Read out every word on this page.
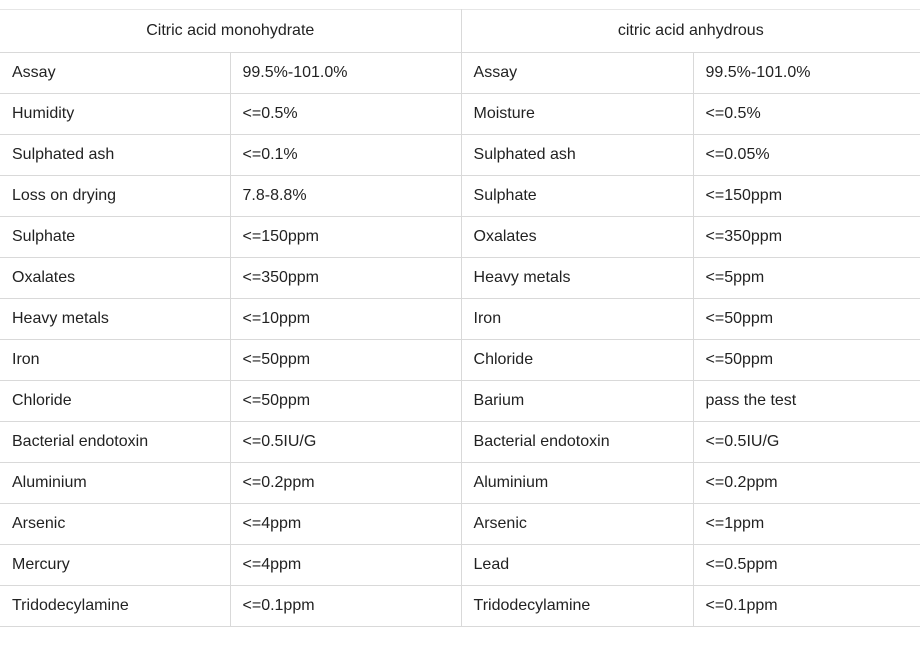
Citric acid monohydrate		citric acid anhydrous	
Assay	99.5%-101.0%	Assay	99.5%-101.0%
Humidity	<=0.5%	Moisture	<=0.5%
Sulphated ash	<=0.1%	Sulphated ash	<=0.05%
Loss on drying	7.8-8.8%	Sulphate	<=150ppm
Sulphate	<=150ppm	Oxalates	<=350ppm
Oxalates	<=350ppm	Heavy metals	<=5ppm
Heavy metals	<=10ppm	Iron	<=50ppm
Iron	<=50ppm	Chloride	<=50ppm
Chloride	<=50ppm	Barium	pass the test
Bacterial endotoxin	<=0.5IU/G	Bacterial endotoxin	<=0.5IU/G
Aluminium	<=0.2ppm	Aluminium	<=0.2ppm
Arsenic	<=4ppm	Arsenic	<=1ppm
Mercury	<=4ppm	Lead	<=0.5ppm
Tridodecylamine	<=0.1ppm	Tridodecylamine	<=0.1ppm
